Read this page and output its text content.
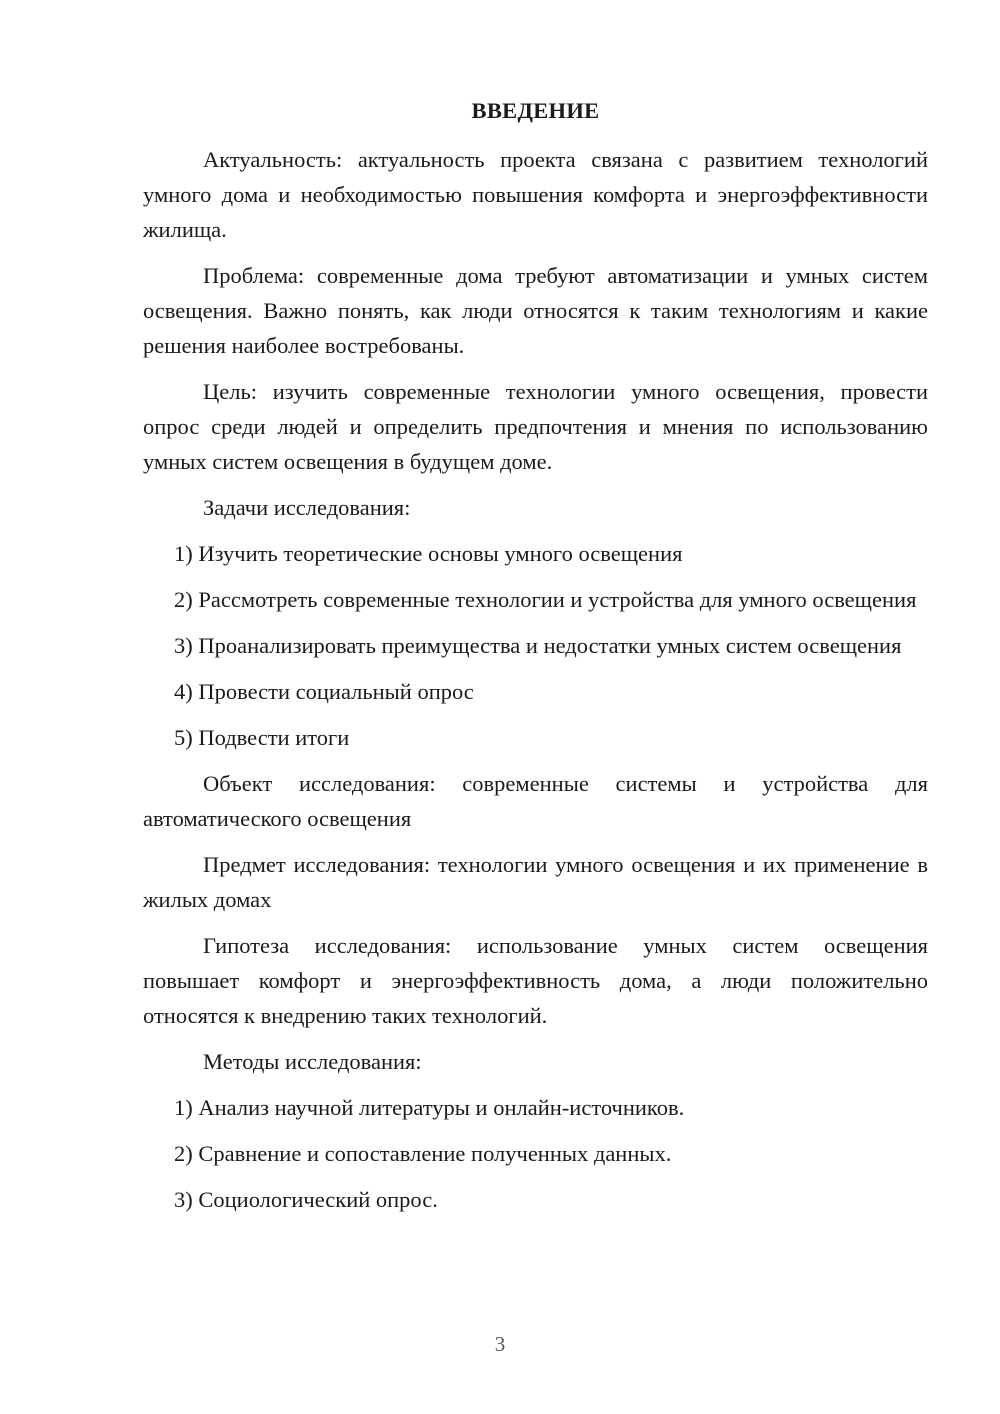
ВВЕДЕНИЕ

Актуальность: актуальность проекта связана с развитием технологий умного дома и необходимостью повышения комфорта и энергоэффективности жилища.

Проблема: современные дома требуют автоматизации и умных систем освещения. Важно понять, как люди относятся к таким технологиям и какие решения наиболее востребованы.

Цель: изучить современные технологии умного освещения, провести опрос среди людей и определить предпочтения и мнения по использованию умных систем освещения в будущем доме.

Задачи исследования:

1) Изучить теоретические основы умного освещения

2) Рассмотреть современные технологии и устройства для умного освещения

3) Проанализировать преимущества и недостатки умных систем освещения

4) Провести социальный опрос

5) Подвести итоги

Объект исследования: современные системы и устройства для автоматического освещения

Предмет исследования: технологии умного освещения и их применение в жилых домах

Гипотеза исследования: использование умных систем освещения повышает комфорт и энергоэффективность дома, а люди положительно относятся к внедрению таких технологий.

Методы исследования:

1) Анализ научной литературы и онлайн-источников.

2) Сравнение и сопоставление полученных данных.

3) Социологический опрос.

3
